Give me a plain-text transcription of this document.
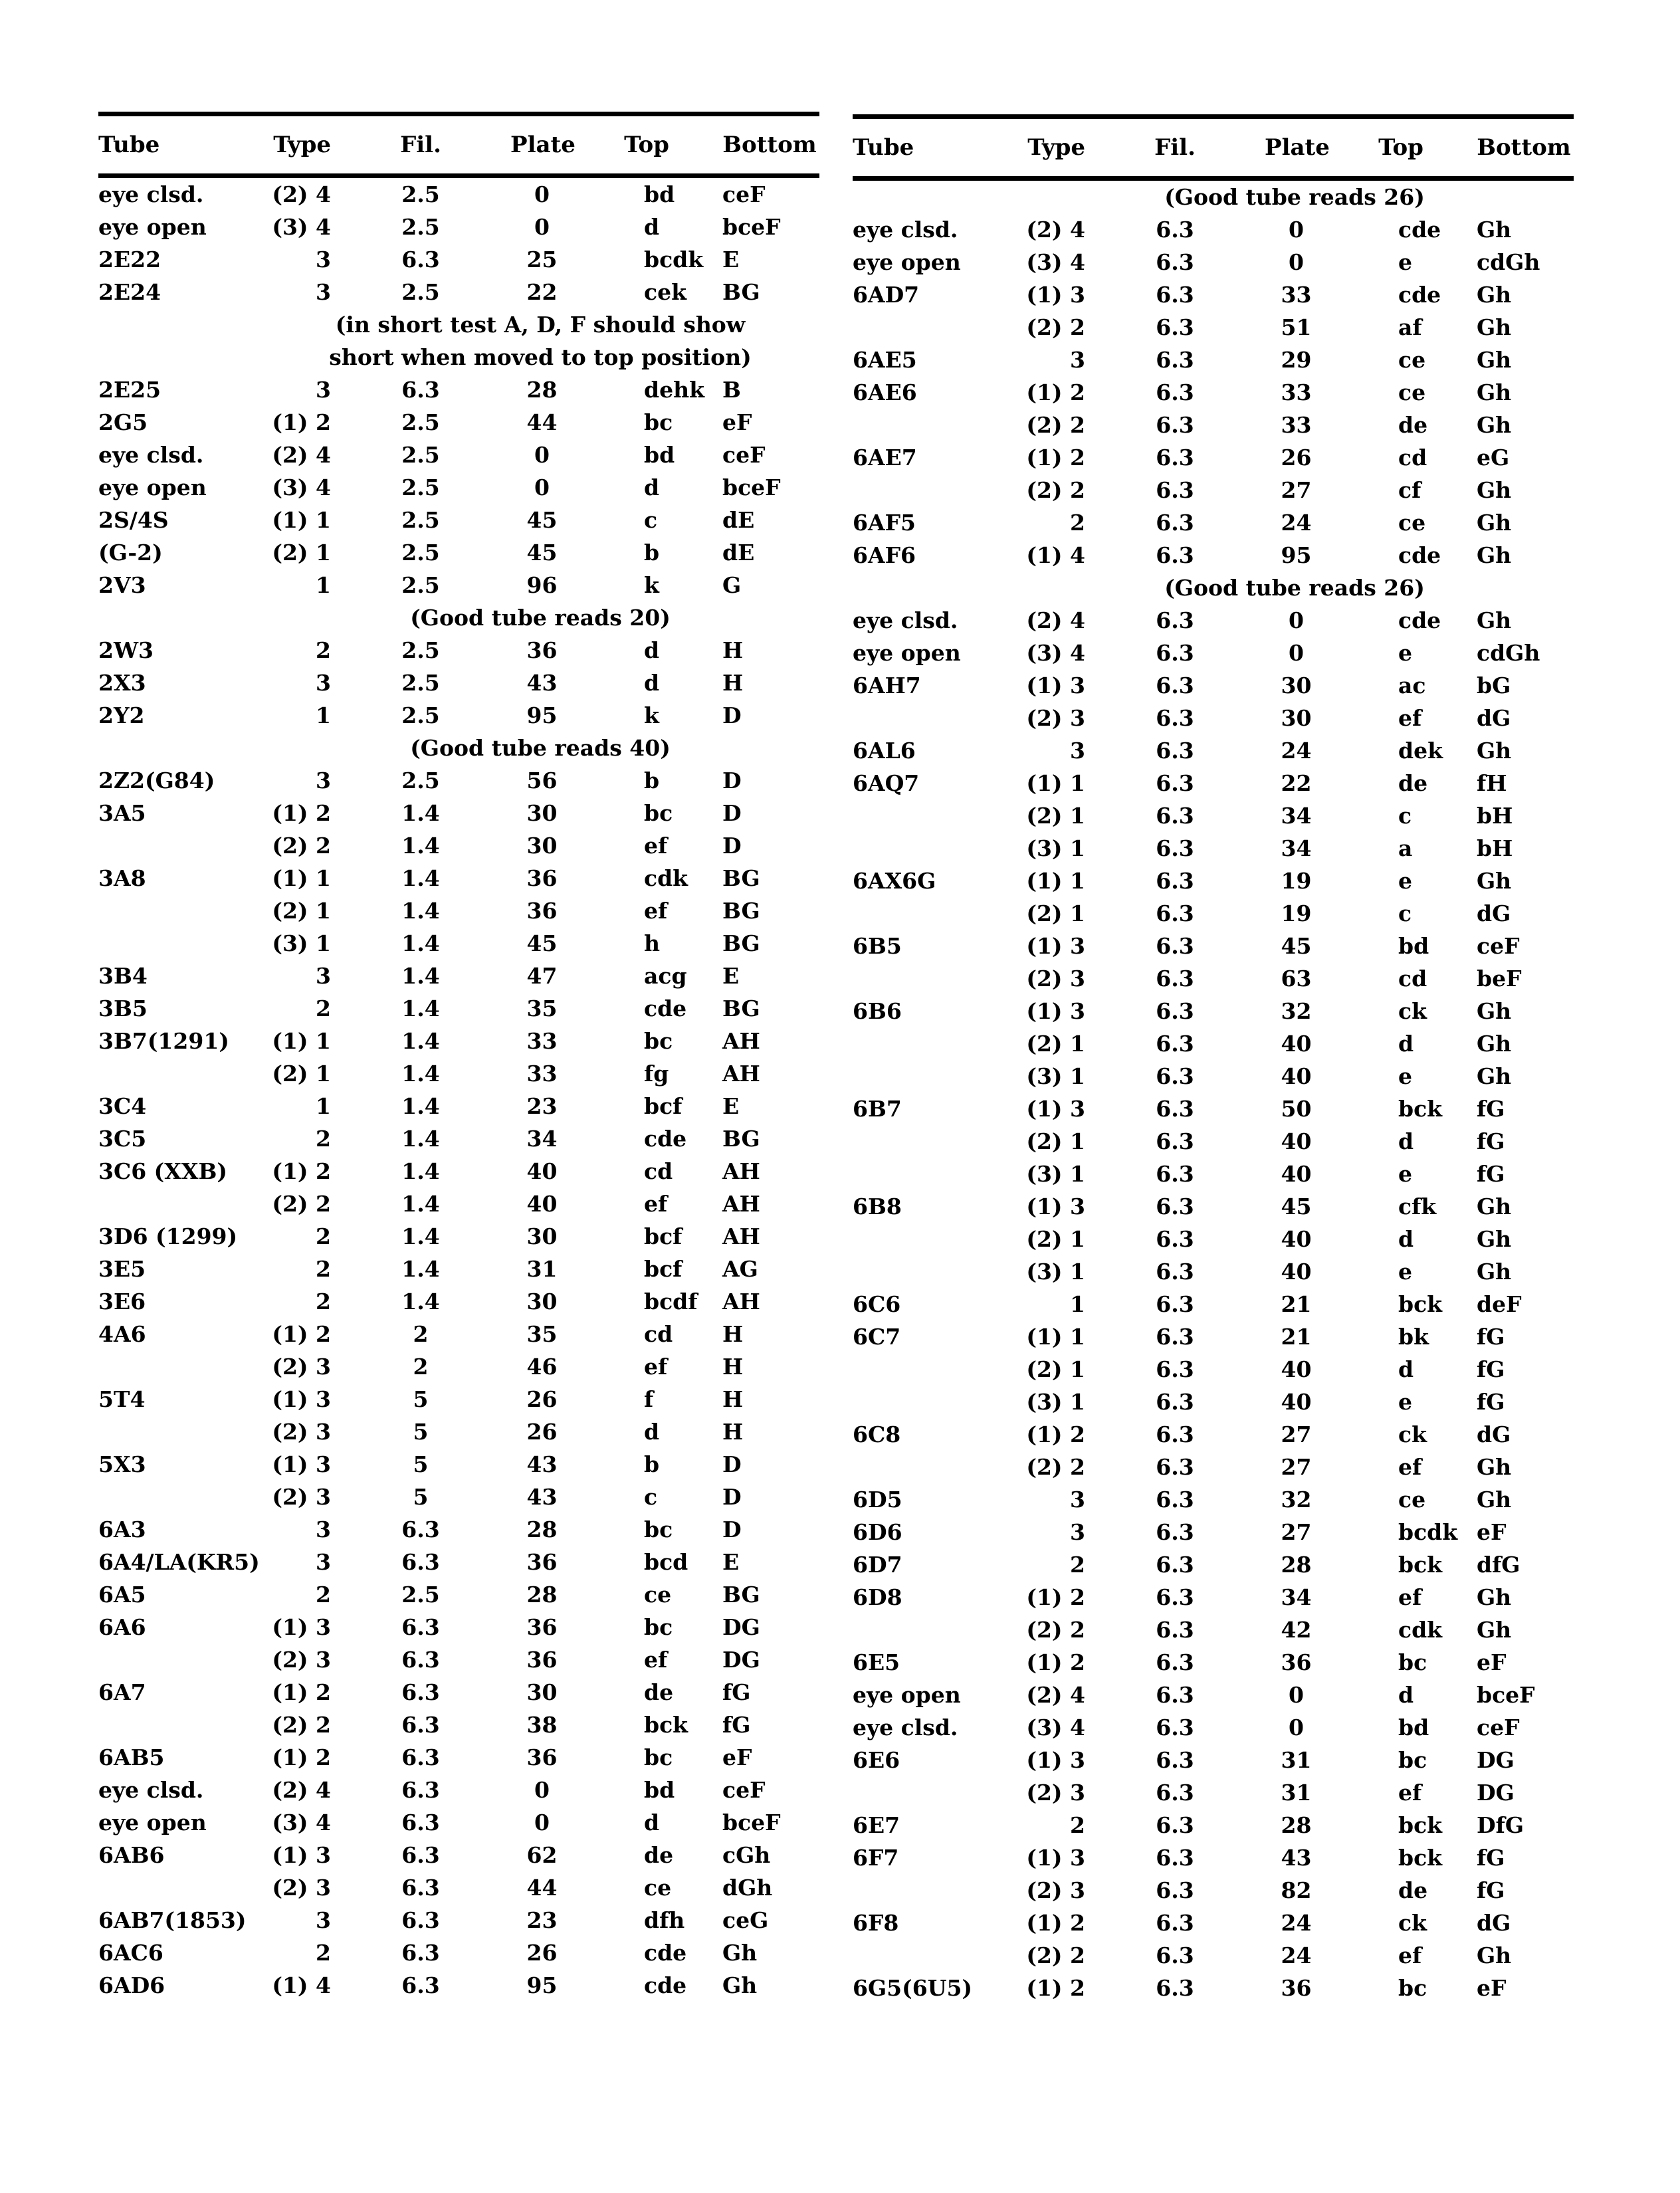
Tube	Type	Fil.	Plate	Top	Bottom
eye clsd.	(2) 4	2.5	0	bd	ceF
eye open	(3) 4	2.5	0	d	bceF
2E22	3	6.3	25	bcdk E
2E24	3	2.5	22	cek	BG
(in short test A, D, F should show
short when moved to top position)
2E25	3	6.3	28	dehk B
2G5	(1) 2	2.5	44	bc	eF
eye clsd.	(2) 4	2.5	0	bd	ceF
eye open	(3) 4	2.5	0	d	bceF
2S/4S	(1) 1	2.5	45	c	dE
(G-2)	(2) 1	2.5	45	b	dE
2V3	1	2.5	96	k	G
(Good tube reads 20)
2W3	2	2.5	36	d	H
2X3	3	2.5	43	d	H
2Y2	1	2.5	95	k	D
(Good tube reads 40)
2Z2(G84)	3	2.5	56	b	D
3A5	(1) 2	1.4	30	bc	D
(2) 2	1.4	30	ef	D
3A8	(1) 1	1.4	36	cdk	BG
(2) 1	1.4	36	ef	BG
(3) 1	1.4	45	h	BG
3B4	3	1.4	47	acg	E
3B5	2	1.4	35	cde	BG
3B7(1291)	(1) 1	1.4	33	bc	AH
(2) 1	1.4	33	fg	AH
3C4	1	1.4	23	bcf	E
3C5	2	1.4	34	cde	BG
3C6 (XXB)	(1) 2	1.4	40	cd	AH
(2) 2	1.4	40	ef	AH
3D6 (1299)	2	1.4	30	bcf	AH
3E5	2	1.4	31	bcf	AG
3E6	2	1.4	30	bcdf	AH
4A6	(1) 2	2	35	cd	H
(2) 3	2	46	ef	H
5T4	(1) 3	5	26	f	H
(2) 3	5	26	d	H
5X3	(1) 3	5	43	b	D
(2) 3	5	43	c	D
6A3	3	6.3	28	bc	D
6A4/LA(KR5)	3	6.3	36	bcd	E
6A5	2	2.5	28	ce	BG
6A6	(1) 3	6.3	36	bc	DG
(2) 3	6.3	36	ef	DG
6A7	(1) 2	6.3	30	de	fG
(2) 2	6.3	38	bck	fG
6AB5	(1) 2	6.3	36	bc	eF
eye clsd.	(2) 4	6.3	0	bd	ceF
eye open	(3) 4	6.3	0	d	bceF
6AB6	(1) 3	6.3	62	de	cGh
(2) 3	6.3	44	ce	dGh
6AB7(1853)	3	6.3	23	dfh	ceG
6AC6	2	6.3	26	cde	Gh
6AD6	(1) 4	6.3	95	cde	Gh
Tube	Type	Fil.	Plate	Top	Bottom
(Good tube reads 26)
eye clsd.	(2) 4	6.3	0	cde	Gh
eye open	(3) 4	6.3	0	e	cdGh
6AD7	(1) 3	6.3	33	cde	Gh
(2) 2	6.3	51	af	Gh
6AE5	3	6.3	29	ce	Gh
6AE6	(1) 2	6.3	33	ce	Gh
(2) 2	6.3	33	de	Gh
6AE7	(1) 2	6.3	26	cd	eG
(2) 2	6.3	27	cf	Gh
6AF5	2	6.3	24	ce	Gh
6AF6	(1) 4	6.3	95	cde	Gh
(Good tube reads 26)
eye clsd.	(2) 4	6.3	0	cde	Gh
eye open	(3) 4	6.3	0	e	cdGh
6AH7	(1) 3	6.3	30	ac	bG
(2) 3	6.3	30	ef	dG
6AL6	3	6.3	24	dek	Gh
6AQ7	(1) 1	6.3	22	de	fH
(2) 1	6.3	34	c	bH
(3) 1	6.3	34	a	bH
6AX6G	(1) 1	6.3	19	e	Gh
(2) 1	6.3	19	c	dG
6B5	(1) 3	6.3	45	bd	ceF
(2) 3	6.3	63	cd	beF
6B6	(1) 3	6.3	32	ck	Gh
(2) 1	6.3	40	d	Gh
(3) 1	6.3	40	e	Gh
6B7	(1) 3	6.3	50	bck	fG
(2) 1	6.3	40	d	fG
(3) 1	6.3	40	e	fG
6B8	(1) 3	6.3	45	cfk	Gh
(2) 1	6.3	40	d	Gh
(3) 1	6.3	40	e	Gh
6C6	1	6.3	21	bck	deF
6C7	(1) 1	6.3	21	bk	fG
(2) 1	6.3	40	d	fG
(3) 1	6.3	40	e	fG
6C8	(1) 2	6.3	27	ck	dG
(2) 2	6.3	27	ef	Gh
6D5	3	6.3	32	ce	Gh
6D6	3	6.3	27	bcdk eF
6D7	2	6.3	28	bck	dfG
6D8	(1) 2	6.3	34	ef	Gh
(2) 2	6.3	42	cdk	Gh
6E5	(1) 2	6.3	36	bc	eF
eye open	(2) 4	6.3	0	d	bceF
eye clsd.	(3) 4	6.3	0	bd	ceF
6E6	(1) 3	6.3	31	bc	DG
(2) 3	6.3	31	ef	DG
6E7	2	6.3	28	bck	DfG
6F7	(1) 3	6.3	43	bck	fG
(2) 3	6.3	82	de	fG
6F8	(1) 2	6.3	24	ck	dG
(2) 2	6.3	24	ef	Gh
6G5(6U5)	(1) 2	6.3	36	bc	eF
